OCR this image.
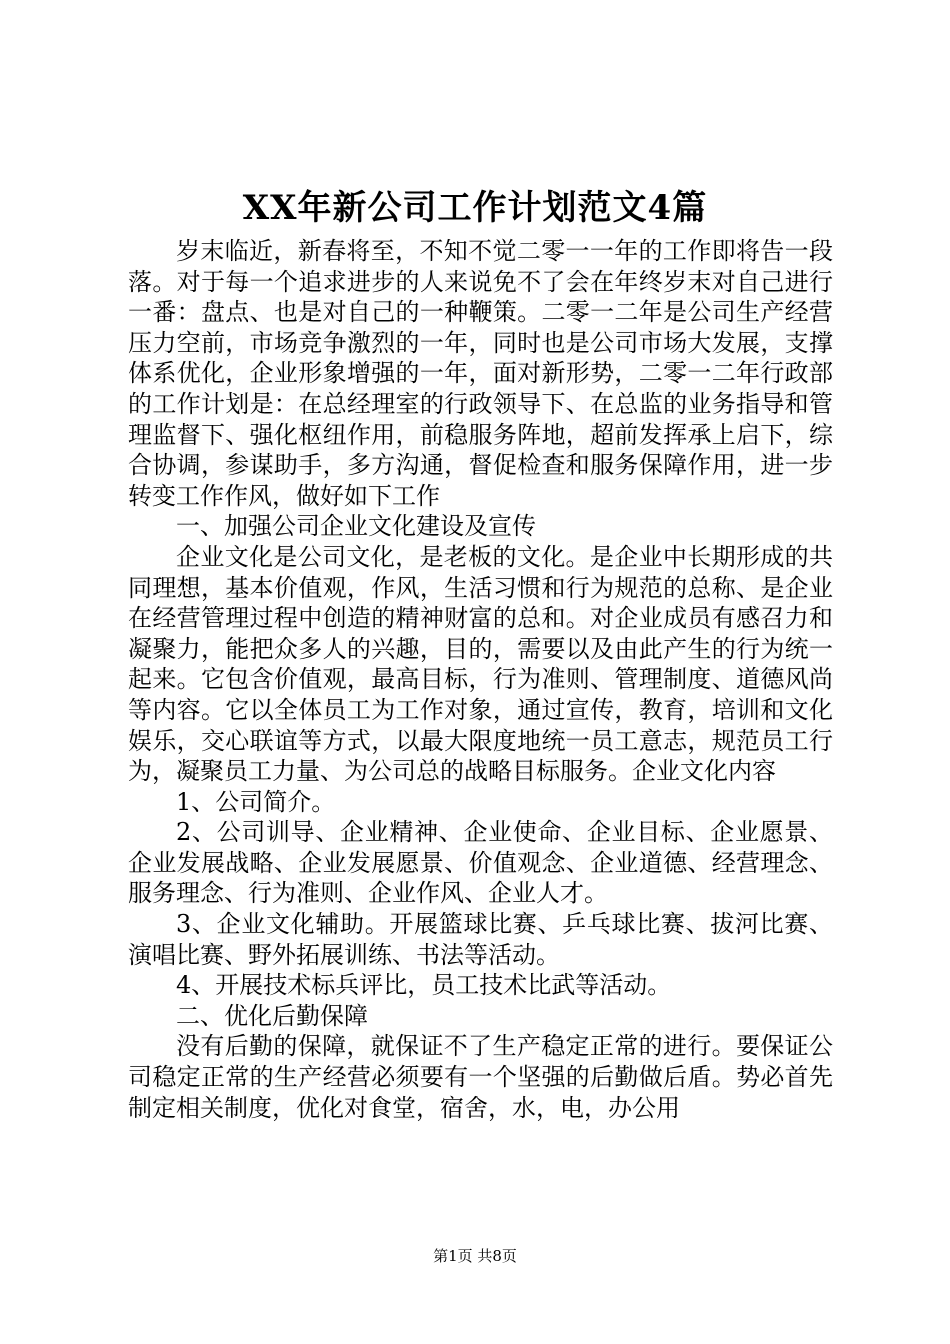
XX年新公司工作计划范文4篇

岁末临近，新春将至，不知不觉二零一一年的工作即将告一段落。对于每一个追求进步的人来说免不了会在年终岁末对自己进行一番：盘点、也是对自己的一种鞭策。二零一二年是公司生产经营压力空前，市场竞争激烈的一年，同时也是公司市场大发展，支撑体系优化，企业形象增强的一年，面对新形势，二零一二年行政部的工作计划是：在总经理室的行政领导下、在总监的业务指导和管理监督下、强化枢纽作用，前稳服务阵地，超前发挥承上启下，综合协调，参谋助手，多方沟通，督促检查和服务保障作用，进一步转变工作作风，做好如下工作

一、加强公司企业文化建设及宣传

企业文化是公司文化，是老板的文化。是企业中长期形成的共同理想，基本价值观，作风，生活习惯和行为规范的总称、是企业在经营管理过程中创造的精神财富的总和。对企业成员有感召力和凝聚力，能把众多人的兴趣，目的，需要以及由此产生的行为统一起来。它包含价值观，最高目标，行为准则、管理制度、道德风尚等内容。它以全体员工为工作对象，通过宣传，教育，培训和文化娱乐，交心联谊等方式，以最大限度地统一员工意志，规范员工行为，凝聚员工力量、为公司总的战略目标服务。企业文化内容

1、公司简介。

2、公司训导、企业精神、企业使命、企业目标、企业愿景、企业发展战略、企业发展愿景、价值观念、企业道德、经营理念、服务理念、行为准则、企业作风、企业人才。

3、企业文化辅助。开展篮球比赛、乒乓球比赛、拔河比赛、演唱比赛、野外拓展训练、书法等活动。

4、开展技术标兵评比，员工技术比武等活动。

二、优化后勤保障

没有后勤的保障，就保证不了生产稳定正常的进行。要保证公司稳定正常的生产经营必须要有一个坚强的后勤做后盾。势必首先制定相关制度，优化对食堂，宿舍，水，电，办公用

第1页 共8页
